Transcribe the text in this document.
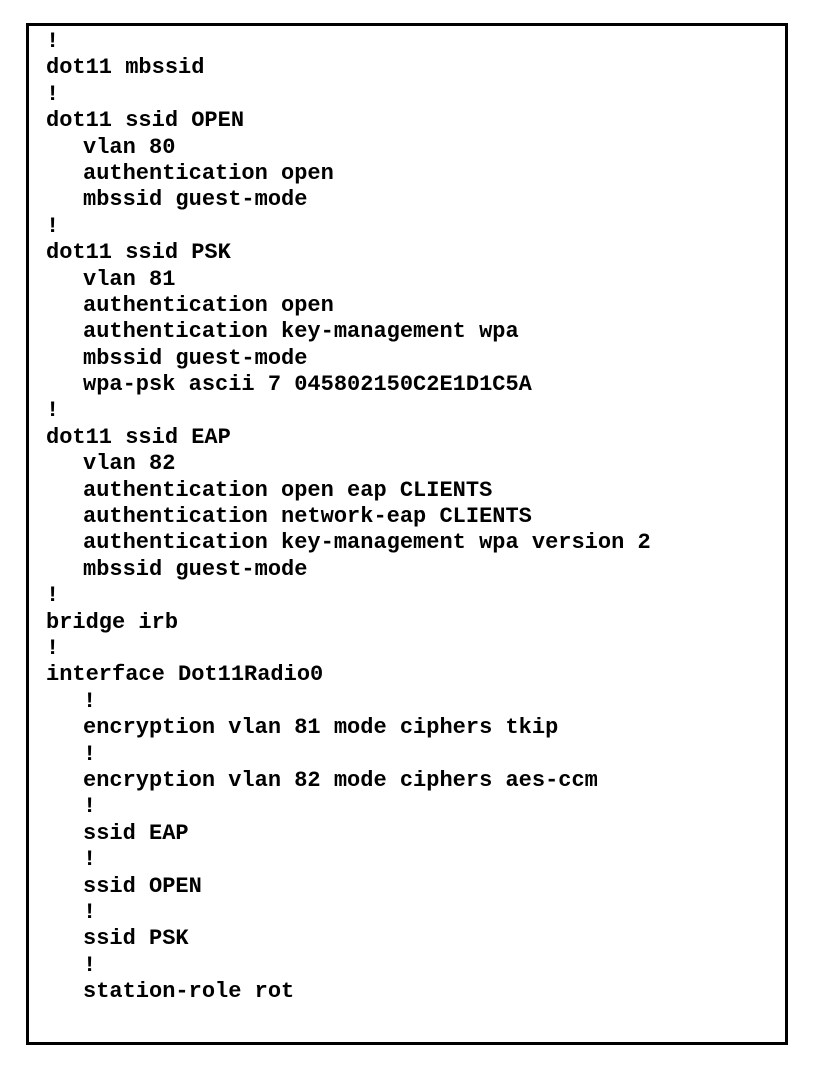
!
dot11 mbssid
!
dot11 ssid OPEN
vlan 80
authentication open
mbssid guest-mode
!
dot11 ssid PSK
vlan 81
authentication open
authentication key-management wpa
mbssid guest-mode
wpa-psk ascii 7 045802150C2E1D1C5A
!
dot11 ssid EAP
vlan 82
authentication open eap CLIENTS
authentication network-eap CLIENTS
authentication key-management wpa version 2
mbssid guest-mode
!
bridge irb
!
interface Dot11Radio0
!
encryption vlan 81 mode ciphers tkip
!
encryption vlan 82 mode ciphers aes-ccm
!
ssid EAP
!
ssid OPEN
!
ssid PSK
!
station-role rot
